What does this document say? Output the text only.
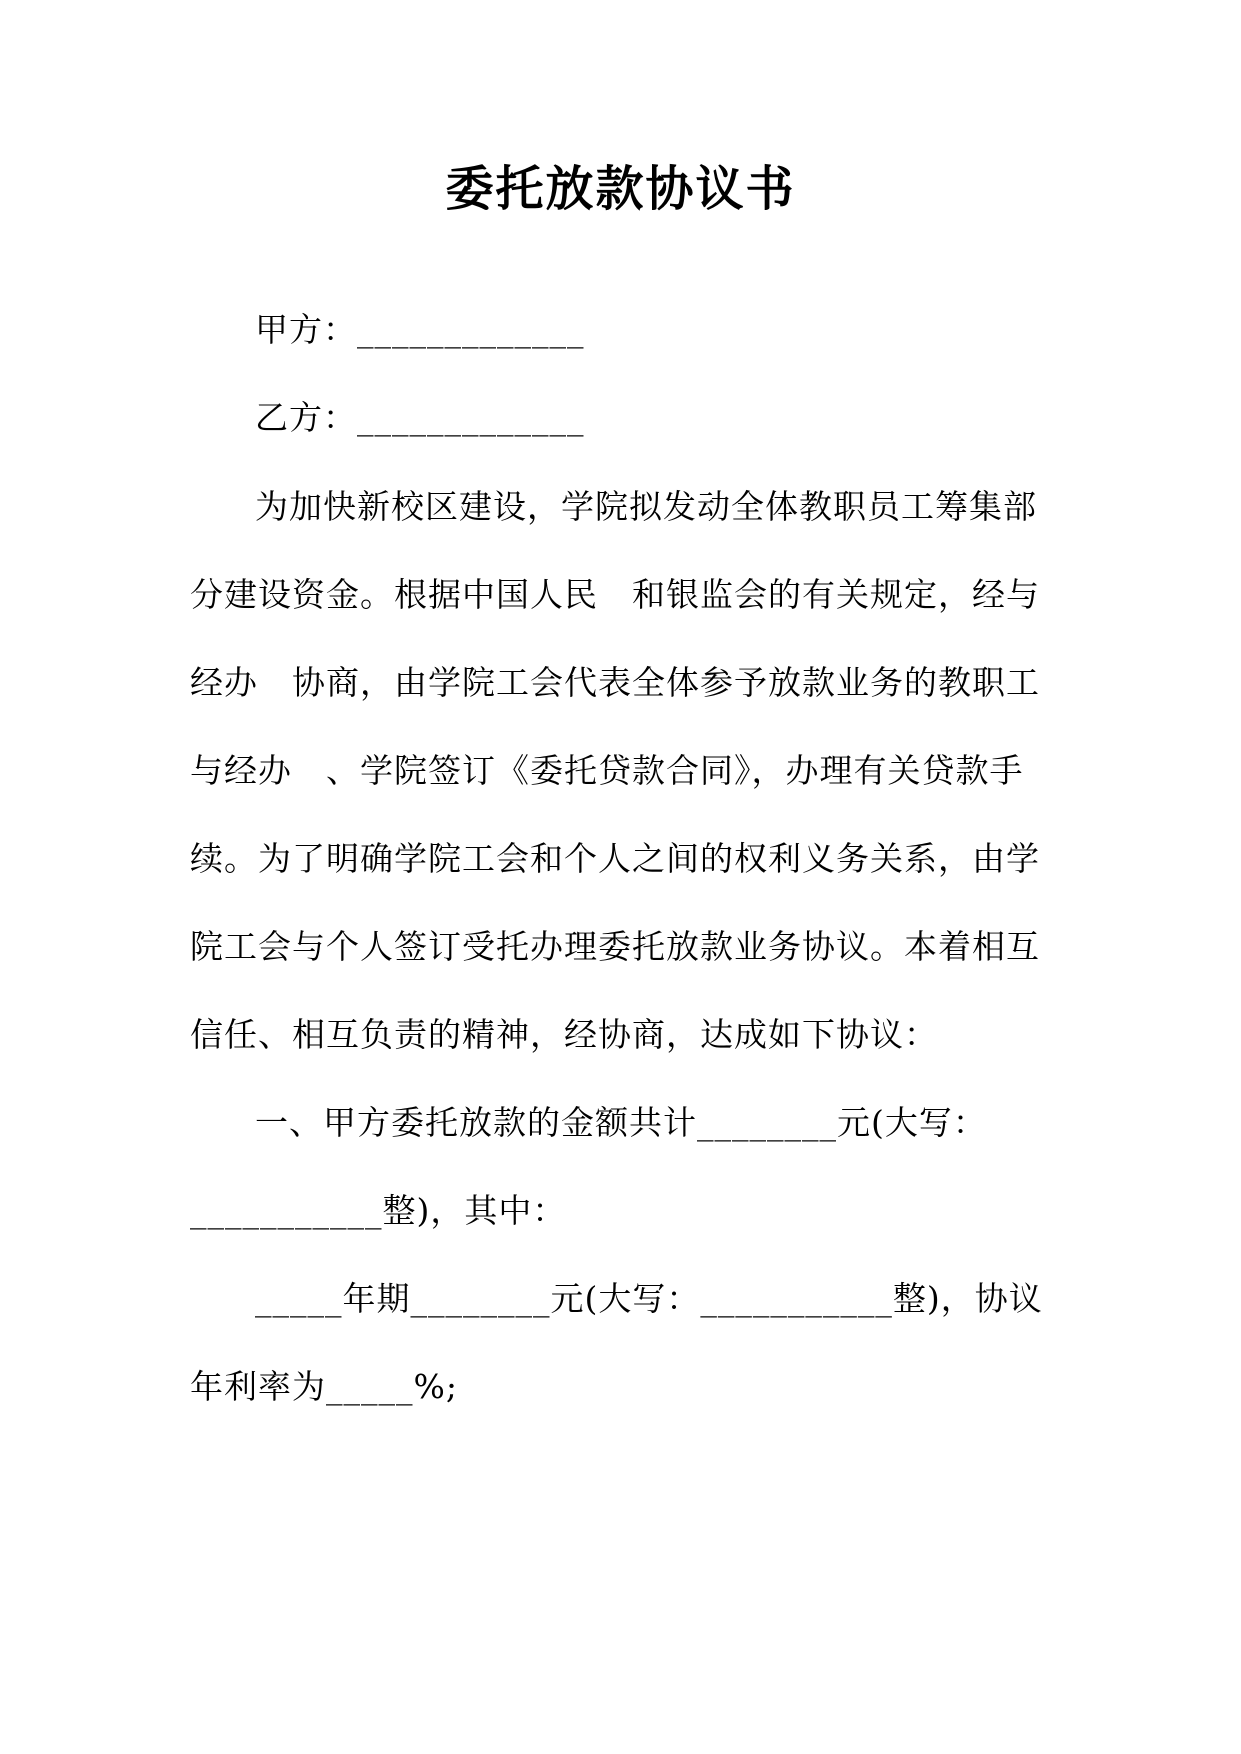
委托放款协议书
甲方：_____________
乙方：_____________
为加快新校区建设，学院拟发动全体教职员工筹集部
分建设资金。根据中国人民　和银监会的有关规定，经与
经办　协商，由学院工会代表全体参予放款业务的教职工
与经办　、学院签订《委托贷款合同》，办理有关贷款手
续。为了明确学院工会和个人之间的权利义务关系，由学
院工会与个人签订受托办理委托放款业务协议。本着相互
信任、相互负责的精神，经协商，达成如下协议：
一、甲方委托放款的金额共计________元(大写：
___________整)，其中：
_____年期________元(大写：___________整)，协议
年利率为_____%;
